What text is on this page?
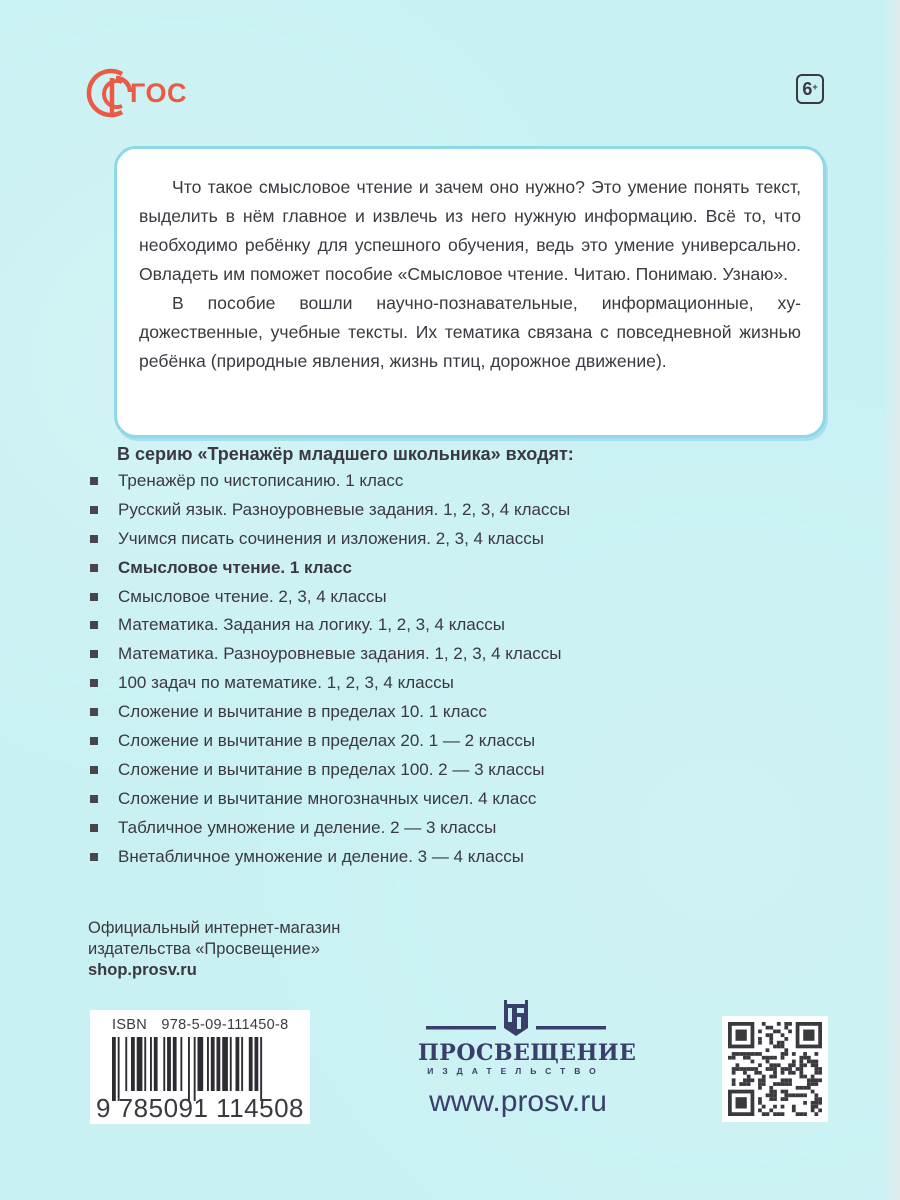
ГОС	6+

Что такое смысловое чтение и зачем оно нужно? Это умение понять текст, выделить в нём главное и извлечь из него нужную информацию. Всё то, что необходимо ребёнку для успешного обучения, ведь это умение универсально. Овладеть им поможет пособие «Смысловое чтение. Читаю. Понимаю. Узнаю».

В пособие вошли научно-познавательные, информационные, художественные, учебные тексты. Их тематика связана с повседневной жизнью ребёнка (природные явления, жизнь птиц, дорожное движение).

В серию «Тренажёр младшего школьника» входят:
Тренажёр по чистописанию. 1 класс
Русский язык. Разноуровневые задания. 1, 2, 3, 4 классы
Учимся писать сочинения и изложения. 2, 3, 4 классы
Смысловое чтение. 1 класс
Смысловое чтение. 2, 3, 4 классы
Математика. Задания на логику. 1, 2, 3, 4 классы
Математика. Разноуровневые задания. 1, 2, 3, 4 классы
100 задач по математике. 1, 2, 3, 4 классы
Сложение и вычитание в пределах 10. 1 класс
Сложение и вычитание в пределах 20. 1 — 2 классы
Сложение и вычитание в пределах 100. 2 — 3 классы
Сложение и вычитание многозначных чисел. 4 класс
Табличное умножение и деление. 2 — 3 классы
Внетабличное умножение и деление. 3 — 4 классы
Официальный интернет-магазин
издательства «Просвещение»
shop.prosv.ru
ISBN 978-5-09-111450-8
9 785091 114508
ПРОСВЕЩЕНИЕ
ИЗДАТЕЛЬСТВО
www.prosv.ru
